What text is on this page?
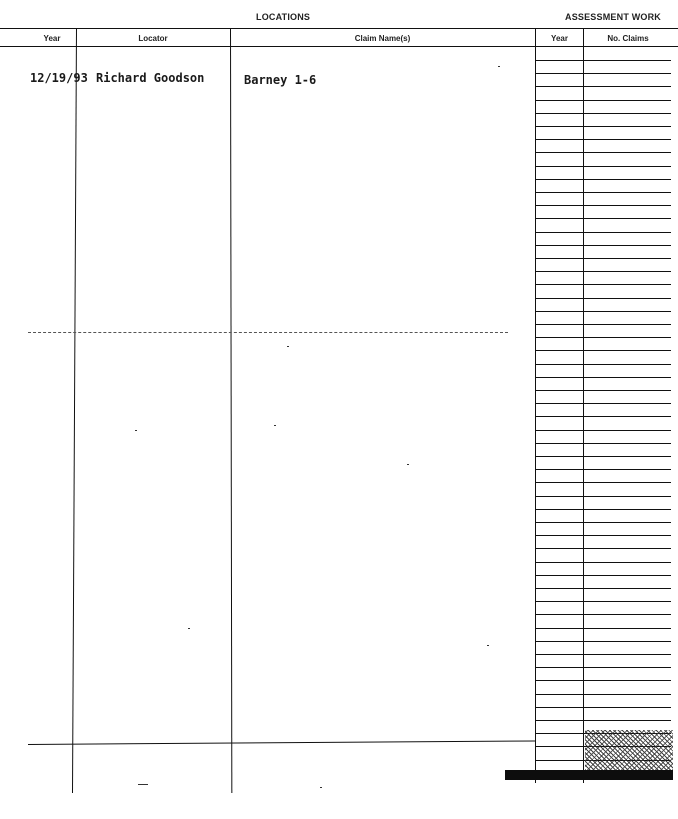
LOCATIONS	ASSESSMENT WORK
Year	Locator	Claim Name(s)	Year	No. Claims
12/19/93 Richard Goodson	Barney 1-6
